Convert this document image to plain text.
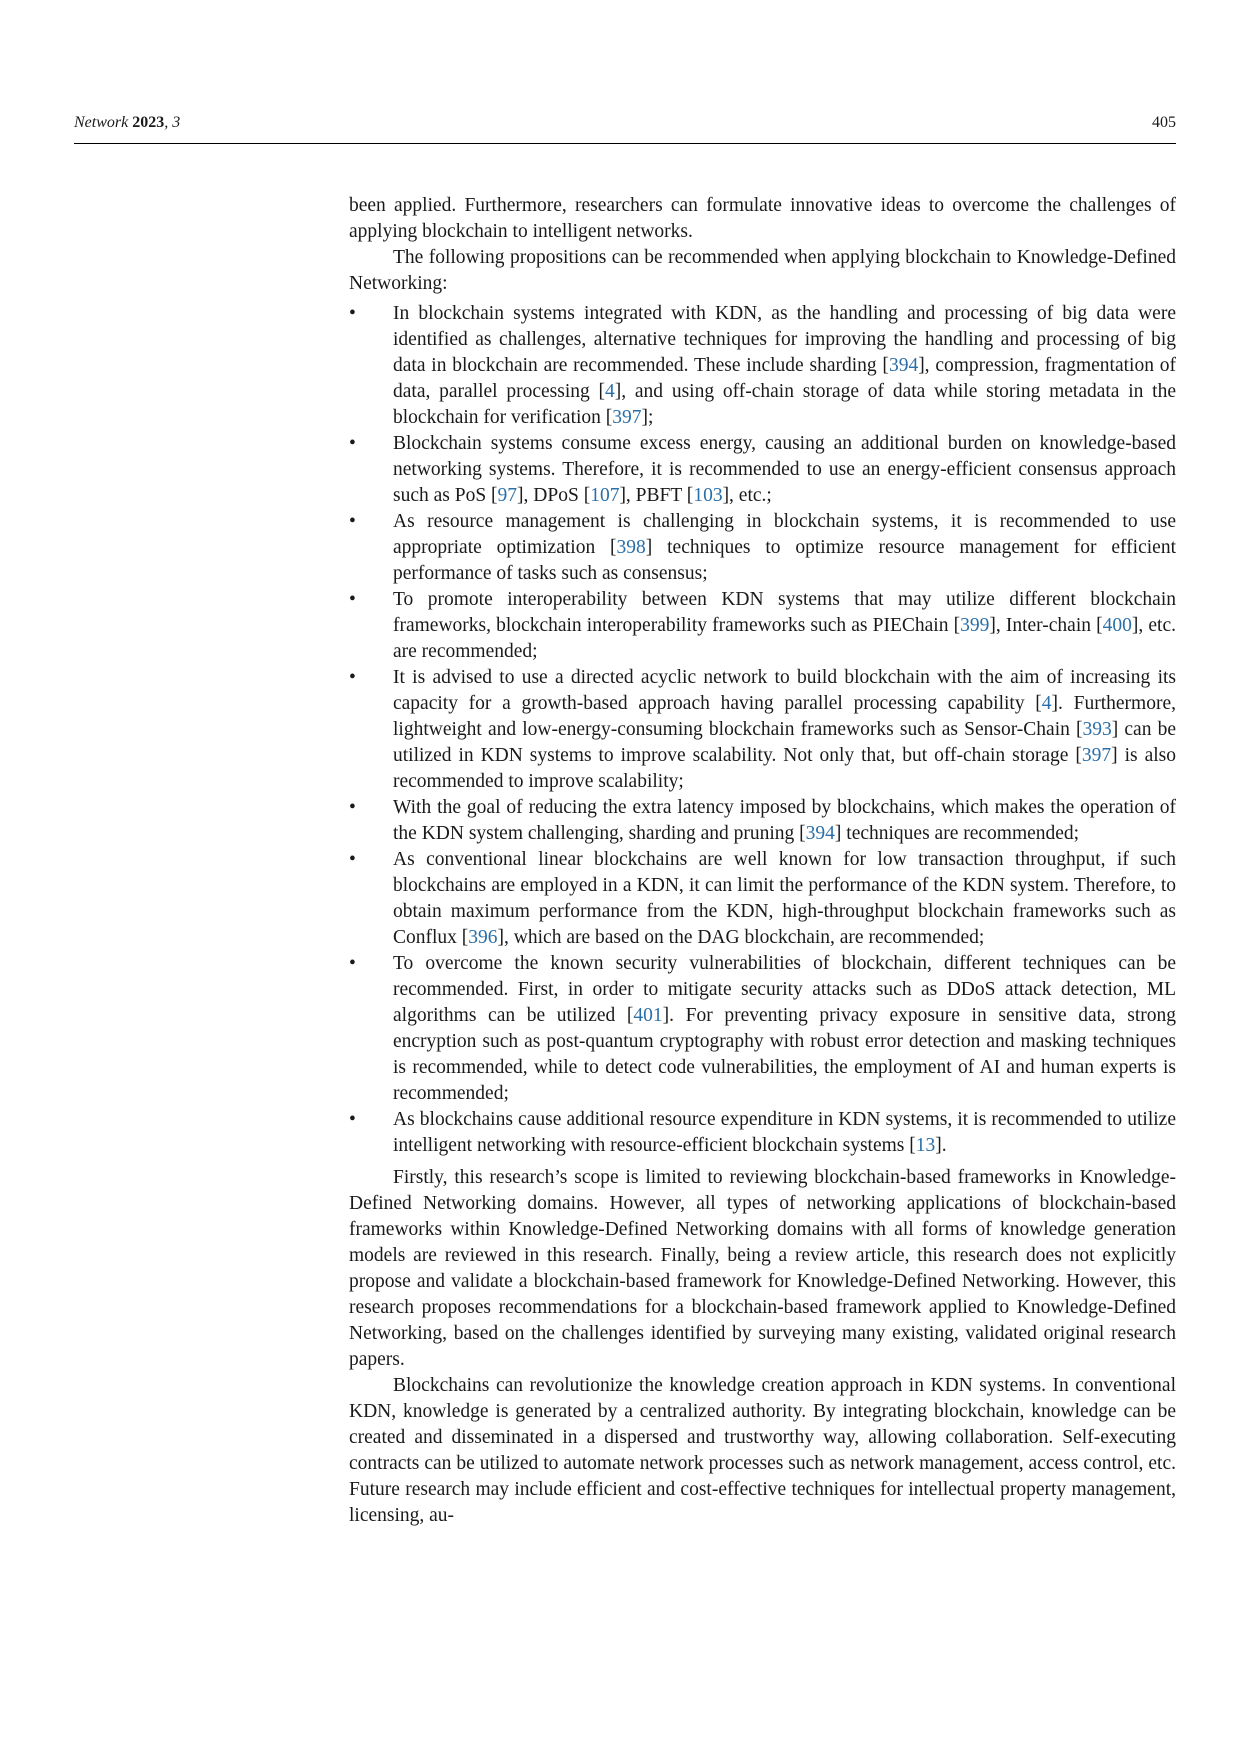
Network 2023, 3	405

been applied. Furthermore, researchers can formulate innovative ideas to overcome the challenges of applying blockchain to intelligent networks.

The following propositions can be recommended when applying blockchain to Knowledge-Defined Networking:

• In blockchain systems integrated with KDN, as the handling and processing of big data were identified as challenges, alternative techniques for improving the handling and processing of big data in blockchain are recommended. These include sharding [394], compression, fragmentation of data, parallel processing [4], and using off-chain storage of data while storing metadata in the blockchain for verification [397];
• Blockchain systems consume excess energy, causing an additional burden on knowledge-based networking systems. Therefore, it is recommended to use an energy-efficient consensus approach such as PoS [97], DPoS [107], PBFT [103], etc.;
• As resource management is challenging in blockchain systems, it is recommended to use appropriate optimization [398] techniques to optimize resource management for efficient performance of tasks such as consensus;
• To promote interoperability between KDN systems that may utilize different blockchain frameworks, blockchain interoperability frameworks such as PIEChain [399], Inter-chain [400], etc. are recommended;
• It is advised to use a directed acyclic network to build blockchain with the aim of increasing its capacity for a growth-based approach having parallel processing capability [4]. Furthermore, lightweight and low-energy-consuming blockchain frameworks such as Sensor-Chain [393] can be utilized in KDN systems to improve scalability. Not only that, but off-chain storage [397] is also recommended to improve scalability;
• With the goal of reducing the extra latency imposed by blockchains, which makes the operation of the KDN system challenging, sharding and pruning [394] techniques are recommended;
• As conventional linear blockchains are well known for low transaction throughput, if such blockchains are employed in a KDN, it can limit the performance of the KDN system. Therefore, to obtain maximum performance from the KDN, high-throughput blockchain frameworks such as Conflux [396], which are based on the DAG blockchain, are recommended;
• To overcome the known security vulnerabilities of blockchain, different techniques can be recommended. First, in order to mitigate security attacks such as DDoS attack detection, ML algorithms can be utilized [401]. For preventing privacy exposure in sensitive data, strong encryption such as post-quantum cryptography with robust error detection and masking techniques is recommended, while to detect code vulnerabilities, the employment of AI and human experts is recommended;
• As blockchains cause additional resource expenditure in KDN systems, it is recommended to utilize intelligent networking with resource-efficient blockchain systems [13].

Firstly, this research’s scope is limited to reviewing blockchain-based frameworks in Knowledge-Defined Networking domains. However, all types of networking applications of blockchain-based frameworks within Knowledge-Defined Networking domains with all forms of knowledge generation models are reviewed in this research. Finally, being a review article, this research does not explicitly propose and validate a blockchain-based framework for Knowledge-Defined Networking. However, this research proposes recommendations for a blockchain-based framework applied to Knowledge-Defined Networking, based on the challenges identified by surveying many existing, validated original research papers.

Blockchains can revolutionize the knowledge creation approach in KDN systems. In conventional KDN, knowledge is generated by a centralized authority. By integrating blockchain, knowledge can be created and disseminated in a dispersed and trustworthy way, allowing collaboration. Self-executing contracts can be utilized to automate network processes such as network management, access control, etc. Future research may include efficient and cost-effective techniques for intellectual property management, licensing, au-
